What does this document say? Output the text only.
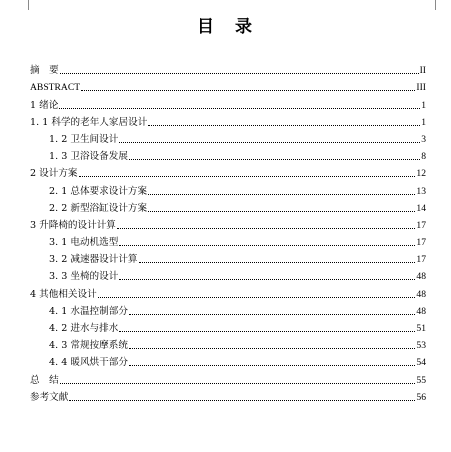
目　录
摘　要	II
ABSTRACT	III
1 绪论	1
1. 1 科学的老年人家居设计	1
1. 2 卫生间设计	3
1. 3 卫浴设备发展	8
2 设计方案	12
2. 1 总体要求设计方案	13
2. 2 新型浴缸设计方案	14
3 升降椅的设计计算	17
3. 1 电动机选型	17
3. 2 减速器设计计算	17
3. 3 坐椅的设计	48
4 其他相关设计	48
4. 1 水温控制部分	48
4. 2 进水与排水	51
4. 3 常规按摩系统	53
4. 4 暖风烘干部分	54
总　结	55
参考文献	56
